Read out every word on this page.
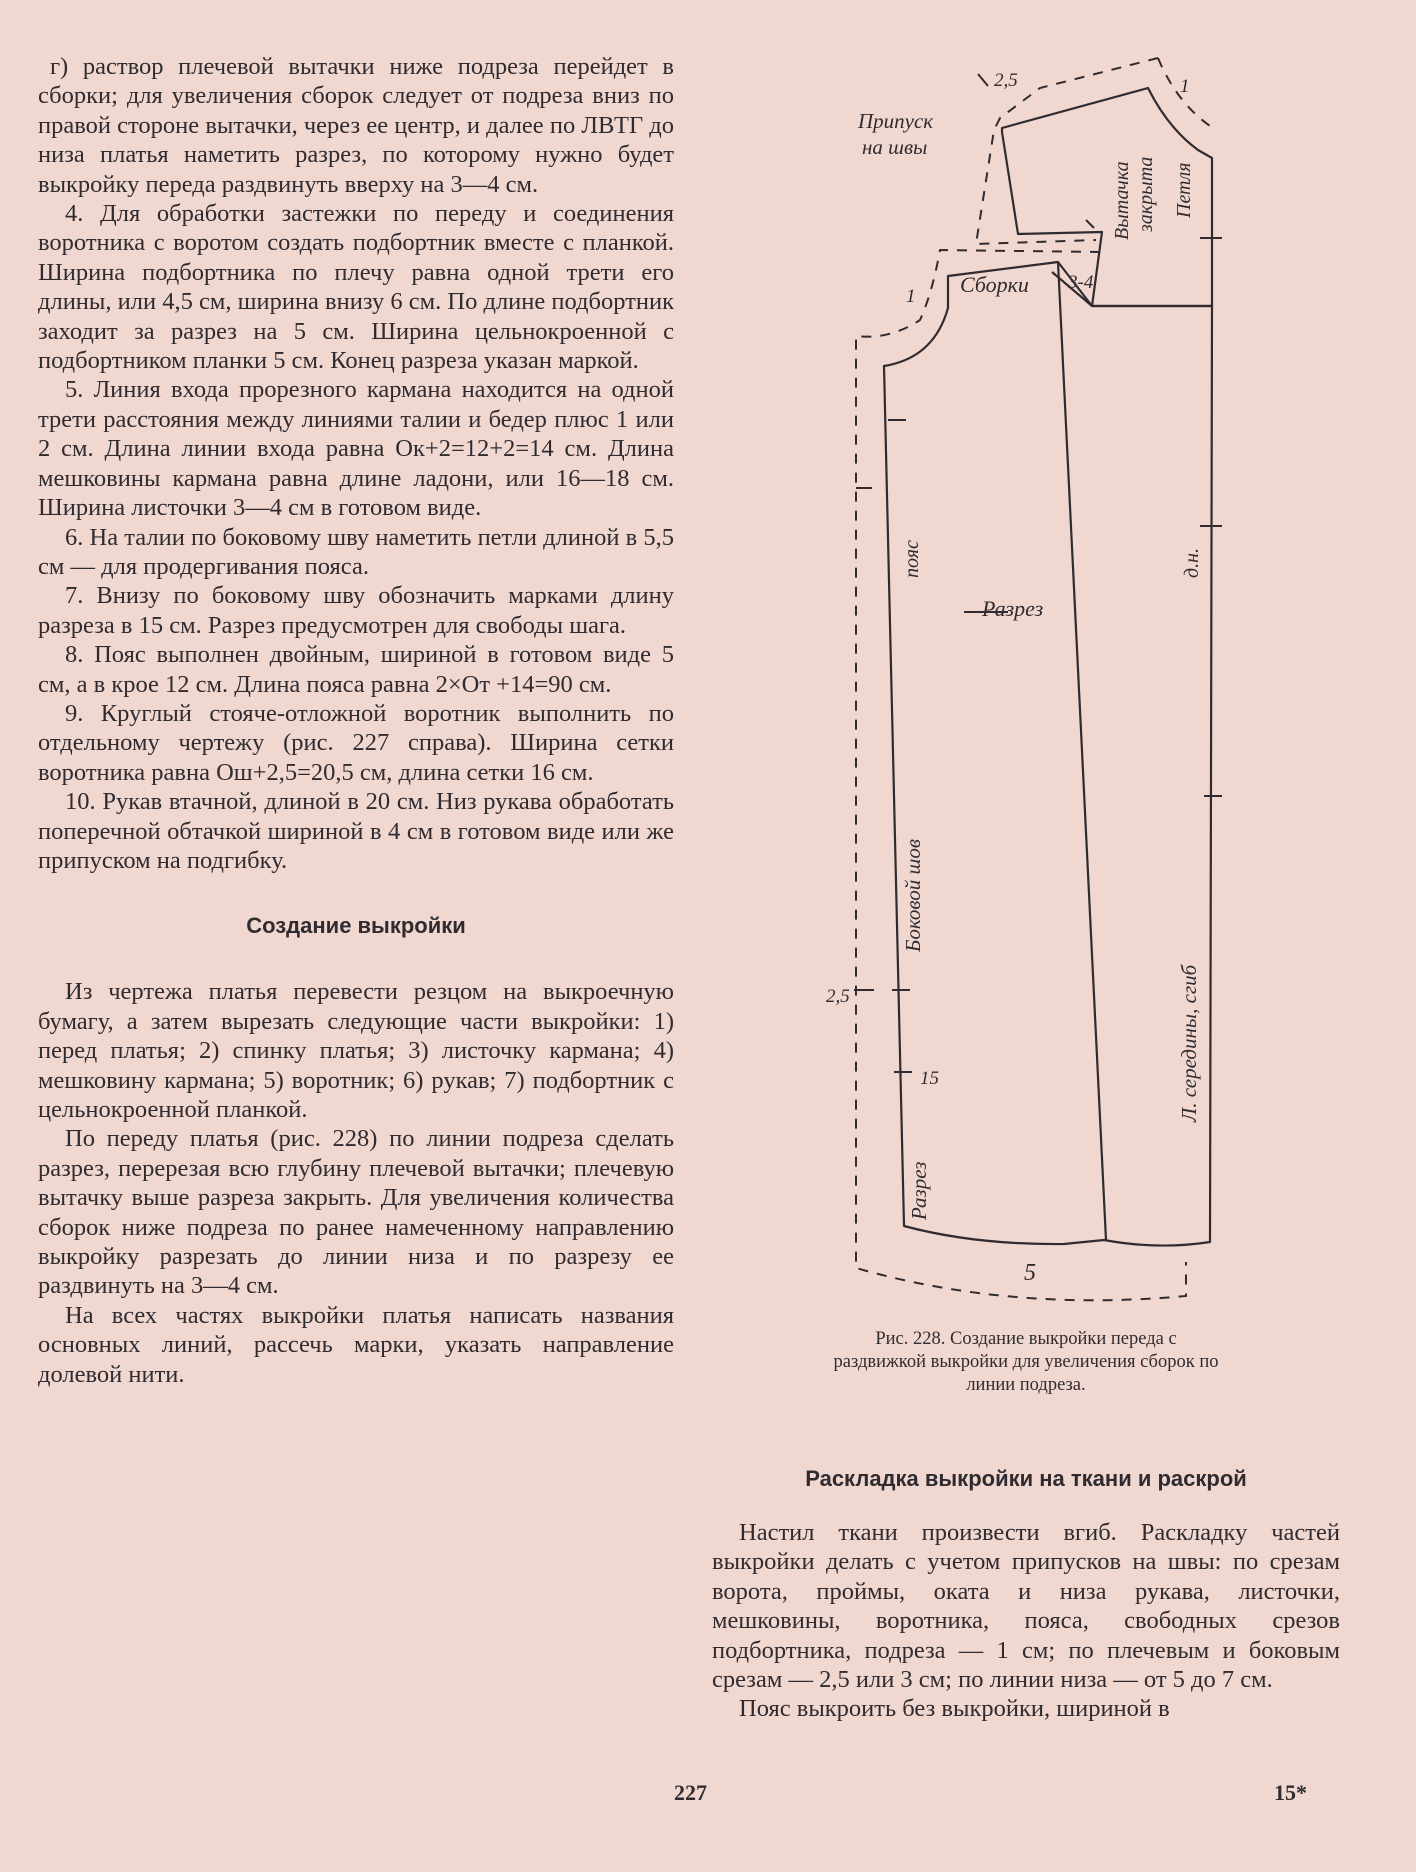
г) раствор плечевой вытачки ниже подреза перейдет в сборки; для увеличения сборок следует от подреза вниз по правой стороне вытачки, через ее центр, и далее по ЛВТГ до низа платья наметить разрез, по которому нужно будет выкройку переда раздвинуть вверху на 3—4 см.

4. Для обработки застежки по переду и соединения воротника с воротом создать подбортник вместе с планкой. Ширина подбортника по плечу равна одной трети его длины, или 4,5 см, ширина внизу 6 см. По длине подбортник заходит за разрез на 5 см. Ширина цельнокроенной с подбортником планки 5 см. Конец разреза указан маркой.

5. Линия входа прорезного кармана находится на одной трети расстояния между линиями талии и бедер плюс 1 или 2 см. Длина линии входа равна Ок+2=12+2=14 см. Длина мешковины кармана равна длине ладони, или 16—18 см. Ширина листочки 3—4 см в готовом виде.

6. На талии по боковому шву наметить петли длиной в 5,5 см — для продергивания пояса.

7. Внизу по боковому шву обозначить марками длину разреза в 15 см. Разрез предусмотрен для свободы шага.

8. Пояс выполнен двойным, шириной в готовом виде 5 см, а в крое 12 см. Длина пояса равна 2×От +14=90 см.

9. Круглый стояче-отложной воротник выполнить по отдельному чертежу (рис. 227 справа). Ширина сетки воротника равна Ош+2,5=20,5 см, длина сетки 16 см.

10. Рукав втачной, длиной в 20 см. Низ рукава обработать поперечной обтачкой шириной в 4 см в готовом виде или же припуском на подгибку.

Создание выкройки

Из чертежа платья перевести резцом на выкроечную бумагу, а затем вырезать следующие части выкройки: 1) перед платья; 2) спинку платья; 3) листочку кармана; 4) мешковину кармана; 5) воротник; 6) рукав; 7) подбортник с цельнокроенной планкой.

По переду платья (рис. 228) по линии подреза сделать разрез, перерезая всю глубину плечевой вытачки; плечевую вытачку выше разреза закрыть. Для увеличения количества сборок ниже подреза по ранее намеченному направлению выкройку разрезать до линии низа и по разрезу ее раздвинуть на 3—4 см.

На всех частях выкройки платья написать названия основных линий, рассечь марки, указать направление долевой нити.

Припуск
на швы
2,5	1
1
Вытачка закрыта Петля
Сборки 3-4
пояс
Разрез
д.н.
Боковой шов
Л. середины, сгиб
2,5
15
Разрез
5
Рис. 228. Создание выкройки переда с раздвижкой выкройки для увеличения сборок по линии подреза.

Раскладка выкройки на ткани и раскрой

Настил ткани произвести вгиб. Раскладку частей выкройки делать с учетом припусков на швы: по срезам ворота, проймы, оката и низа рукава, листочки, мешковины, воротника, пояса, свободных срезов подбортника, подреза — 1 см; по плечевым и боковым срезам — 2,5 или 3 см; по линии низа — от 5 до 7 см.

Пояс выкроить без выкройки, шириной в

227	15*
